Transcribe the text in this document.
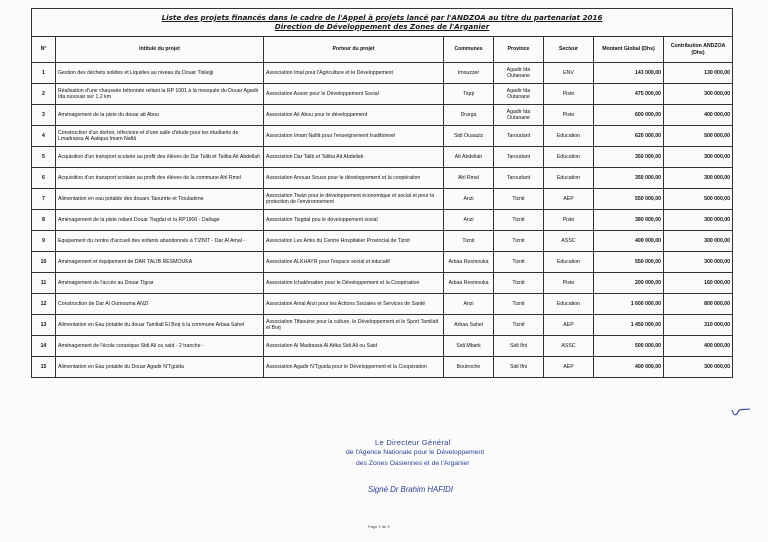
Liste des projets financés dans le cadre de l'Appel à projets lancé par l'ANDZOA au titre du partenariat 2016
Direction de Développement des Zones de l'Arganier							

N°	Intitulé du projet	Porteur du projet	Communes	Province	Secteur	Montant Global (Dhs)	Contribution ANDZOA (Dhs)
1	Gestion des déchets solides et Liquides au niveau du Douar Tiskejji	Association Imal pour l'Agriculture et le Développement	Imouzzer	Agadir Ida Outanane	ENV	143 000,00	130 000,00
2	Réalisation d'une chaussée bétonnée reliant la RP 1001 à la mosquée du Douar Agadir Ida ousouar sur 1,2 km	Association Assoir pour le Développement Social	Tiqqi	Agadir Ida Outanane	Piste	475 000,00	300 000,00
3	Aménagement de la piste du douar ait Abou	Association Ait Abou pour le développement	Drarga	Agadir Ida Outanane	Piste	600 000,00	400 000,00
4	Construction d'un dortoir, réfectoire et d'une salle d'étude pour les étudiants de Lmadrassa Al Aatiqua Imam Nafiâ	Association Imam Nafiâ pour l'enseignement traditionnel	Sidi Ouaaziz	Taroudant	Education	620 000,00	500 000,00
5	Acquisition d'un transport scolaire au profit des élèves de Dar Talib et Taliba Ait Abdellah	Association Dar Talib et Taliba Ait Abdellah	Ait Abdellah	Taroudant	Education	350 000,00	300 000,00
6	Acquisition d'un transport scolaire au profit des élèves de la commune Ahl Rmel	Association Anouar Souss pour le développement et la coopération	Ahl Rmel	Taroudant	Education	350 000,00	300 000,00
7	Alimentation en eau potable des douars Taourirte et Tiouladene	Association Tiwizi pour le développement économique et social et pour la protection de l'environnement	Anzi	Tiznit	AEP	550 000,00	500 000,00
8	Aménagement de la piste reliant Douar Tisgdal et la RP1900 - Dallage	Association Tisgdal pou le développement social	Anzi	Tiznit	Piste	380 000,00	300 000,00
9	Equipement du centre d'accueil des enfants abandonnés à TIZNIT - Dar Al Amal -	Association Les Amis du Centre Hospitalier Provincial de Tiznit	Tiznit	Tiznit	ASSC	400 000,00	300 000,00
10	Aménagement et équipement de DAR TALIB RESMOUKA	Association ALKHAYR pour l'espace social et éducatif	Arbaa Resmouka	Tiznit	Education	550 000,00	300 000,00
11	Aménagement de l'accès au Douar Tigrar	Association Ichakhnaiten pour le Développement et la Coopération	Arbaa Resmouka	Tiznit	Piste	200 000,00	160 000,00
12	Construction de Dar Al Oumouma ANZI	Association Amal Anzi pour les Actions Sociales et Services de Santé	Anzi	Tiznit	Education	1 600 000,00	800 000,00
13	Alimentation en Eau potable du douar Tamllalt El Borj à la commune Arbaa Sahel	Association Tifaouine pour la culture, le Développement et le Sport Tamllalt el Borj	Arbaa Sahel	Tiznit	AEP	1 450 000,00	310 000,00
14	Aménagement de l'école coranique Sidi Ali ou said - 2 tranche -	Association Al Madrassa Al Atika Sidi Ali ou Said	Sidi Mbark	Sidi Ifni	ASSC	500 000,00	400 000,00
15	Alimentation en Eau potable du Douar Agadir N'Tguida	Association Agadir N'Tguida pour le Développement et la Coopération	Boutroche	Sidi Ifni	AEP	400 000,00	300 000,00
Le Directeur Général
de l'Agence Nationale pour le Développement
des Zones Oasiennes et de l'Arganier
Signé Dr Brahim HAFIDI
Page 2 de 3
